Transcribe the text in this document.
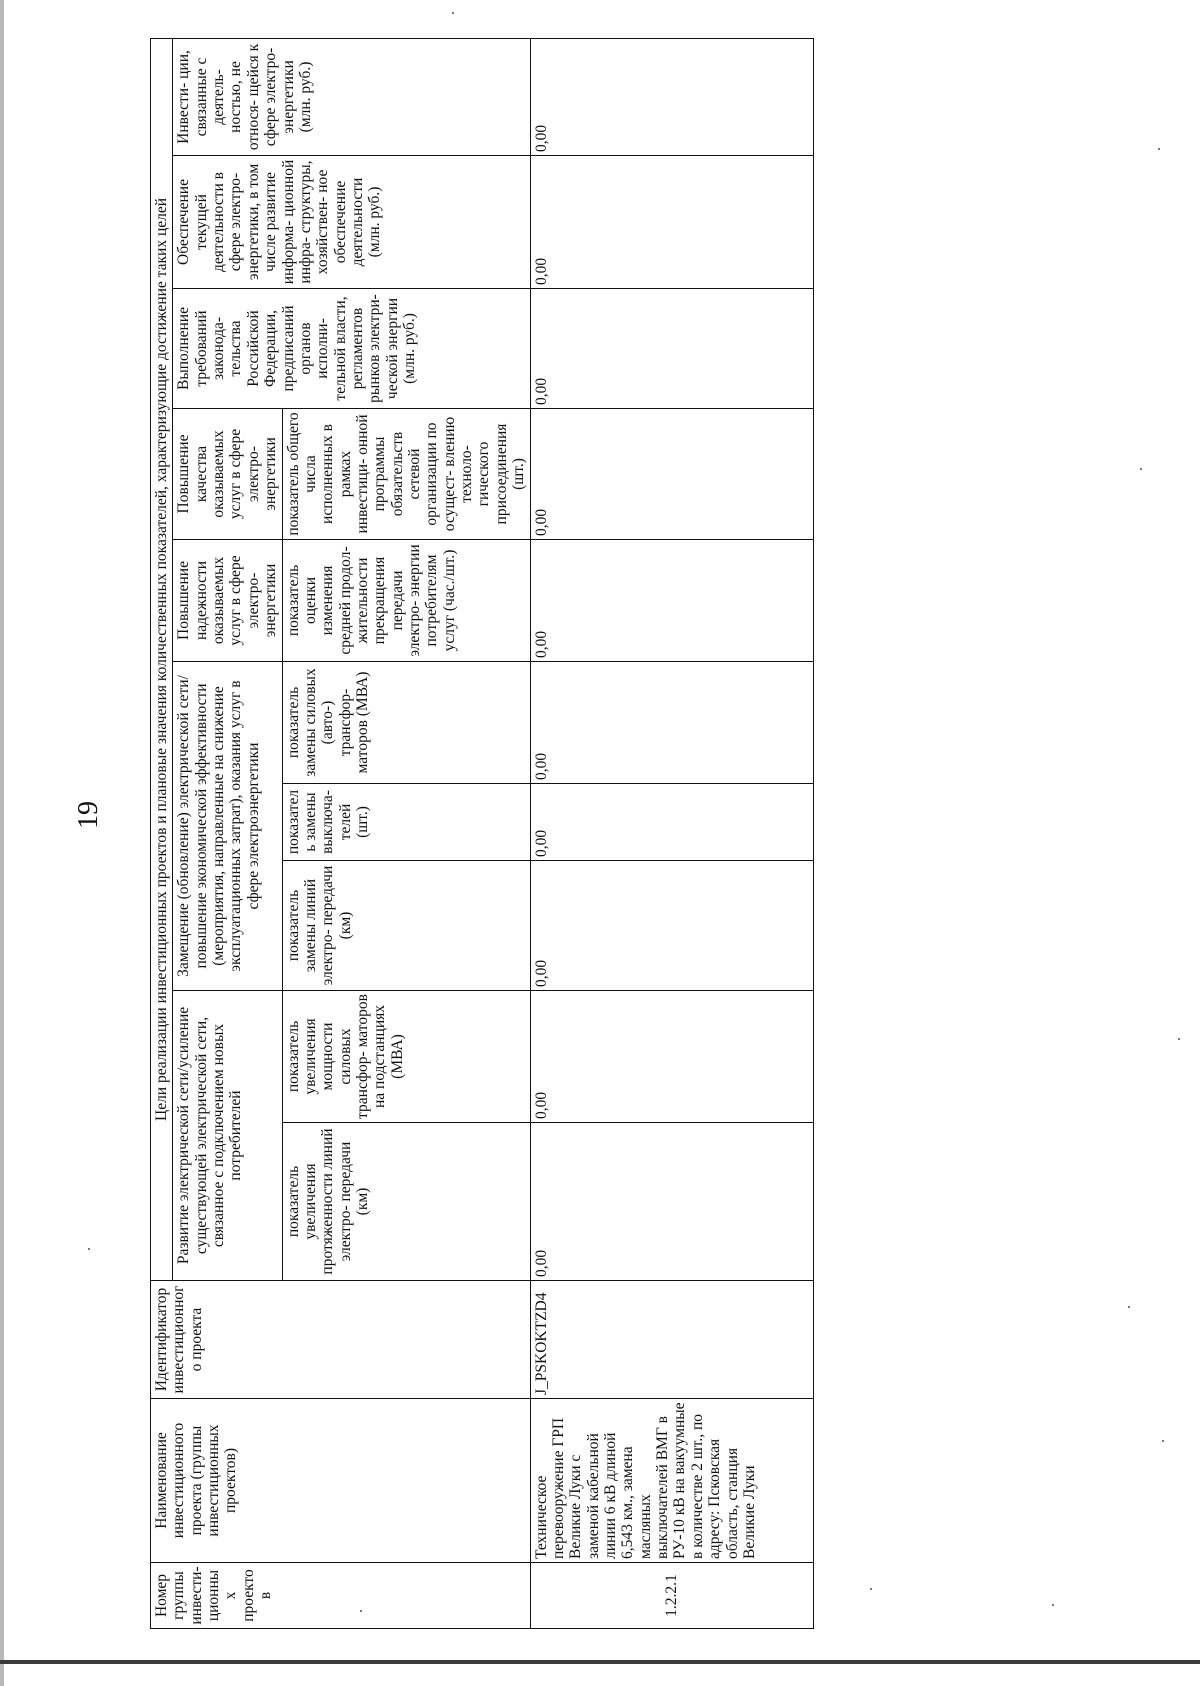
19
Номер группы инвести- ционных проектов	Наименование инвестиционного проекта (группы инвестиционных проектов)	Идентификатор инвестиционного проекта	Цели реализации инвестиционных проектов и плановые значения количественных показателей, характеризующие достижение таких целей									
			Развитие электрической сети/усиление существующей электрической сети, связанное с подключением новых потребителей		Замещение (обновление) электрической сети/повышение экономической эффективности (мероприятия, направленные на снижение эксплуатационных затрат), оказания услуг в сфере электроэнергетики			Повышение надежности оказываемых услуг в сфере электро- энергетики	Повышение качества оказываемых услуг в сфере электро- энергетики	Выполнение требований законода- тельства Российской Федерации, предписаний органов исполни- тельной власти, регламентов рынков электри- ческой энергии (млн. руб.)	Обеспечение текущей деятельности в сфере электро- энергетики, в том числе развитие информа- ционной инфра- структуры, хозяйствен- ное обеспечение деятельности (млн. руб.)	Инвести- ции, связанные с деятель- ностью, не относя- щейся к сфере электро- энергетики (млн. руб.)
			показатель увеличения протяженности линий электро- передачи (км)	показатель увеличения мощности силовых трансфор- маторов на подстанциях (МВА)	показатель замены линий электро- передачи (км)	показатель замены выключа- телей (шт.)	показатель замены силовых (авто-) трансфор- маторов (МВА)	показатель оценки изменения средней продол- жительности прекращения передачи электро- энергии потребителям услуг (час./шт.)	показатель общего числа исполненных в рамках инвестици- онной программы обязательств сетевой организации по осущест- влению техноло- гического присоединения (шт.)			
1.2.2.1	Техническое перевооружение ГРП Великие Луки с заменой кабельной линии 6 кВ длиной 6,543 км., замена масляных выключателей ВМГ в РУ-10 кВ на вакуумные в количестве 2 шт., по адресу: Псковская область, станция Великие Луки	J_PSKOKTZD4	0,00	0,00	0,00	0,00	0,00	0,00	0,00	0,00	0,00	0,00
